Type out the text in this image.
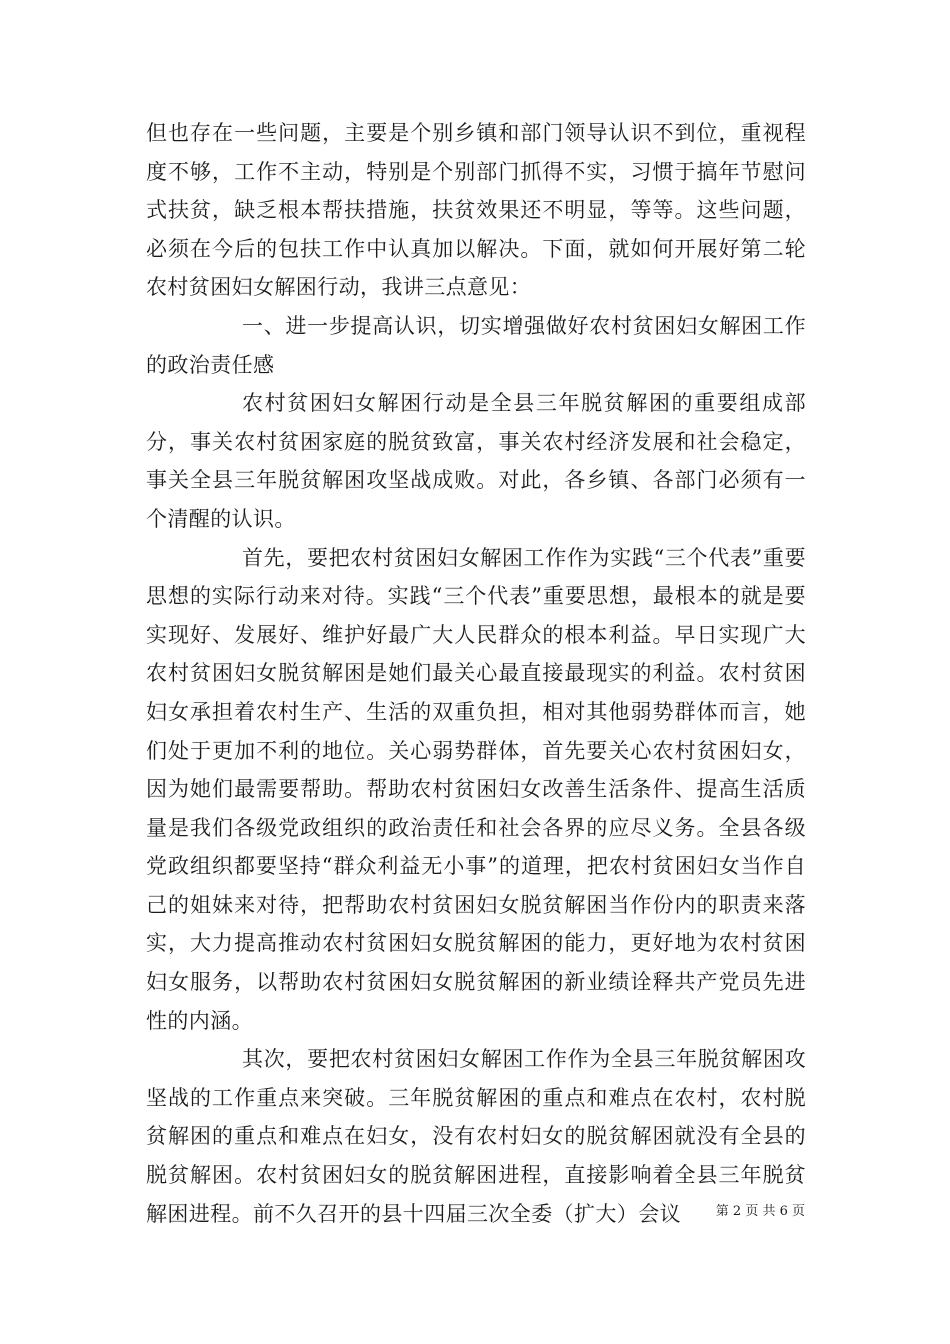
但也存在一些问题，主要是个别乡镇和部门领导认识不到位，重视程度不够，工作不主动，特别是个别部门抓得不实，习惯于搞年节慰问式扶贫，缺乏根本帮扶措施，扶贫效果还不明显，等等。这些问题，必须在今后的包扶工作中认真加以解决。下面，就如何开展好第二轮农村贫困妇女解困行动，我讲三点意见：

一、进一步提高认识，切实增强做好农村贫困妇女解困工作的政治责任感

农村贫困妇女解困行动是全县三年脱贫解困的重要组成部分，事关农村贫困家庭的脱贫致富，事关农村经济发展和社会稳定，事关全县三年脱贫解困攻坚战成败。对此，各乡镇、各部门必须有一个清醒的认识。

首先，要把农村贫困妇女解困工作作为实践“三个代表”重要思想的实际行动来对待。实践“三个代表”重要思想，最根本的就是要实现好、发展好、维护好最广大人民群众的根本利益。早日实现广大农村贫困妇女脱贫解困是她们最关心最直接最现实的利益。农村贫困妇女承担着农村生产、生活的双重负担，相对其他弱势群体而言，她们处于更加不利的地位。关心弱势群体，首先要关心农村贫困妇女，因为她们最需要帮助。帮助农村贫困妇女改善生活条件、提高生活质量是我们各级党政组织的政治责任和社会各界的应尽义务。全县各级党政组织都要坚持“群众利益无小事”的道理，把农村贫困妇女当作自己的姐妹来对待，把帮助农村贫困妇女脱贫解困当作份内的职责来落实，大力提高推动农村贫困妇女脱贫解困的能力，更好地为农村贫困妇女服务，以帮助农村贫困妇女脱贫解困的新业绩诠释共产党员先进性的内涵。

其次，要把农村贫困妇女解困工作作为全县三年脱贫解困攻坚战的工作重点来突破。三年脱贫解困的重点和难点在农村，农村脱贫解困的重点和难点在妇女，没有农村妇女的脱贫解困就没有全县的脱贫解困。农村贫困妇女的脱贫解困进程，直接影响着全县三年脱贫解困进程。前不久召开的县十四届三次全委（扩大）会议	第 2 页 共 6 页
